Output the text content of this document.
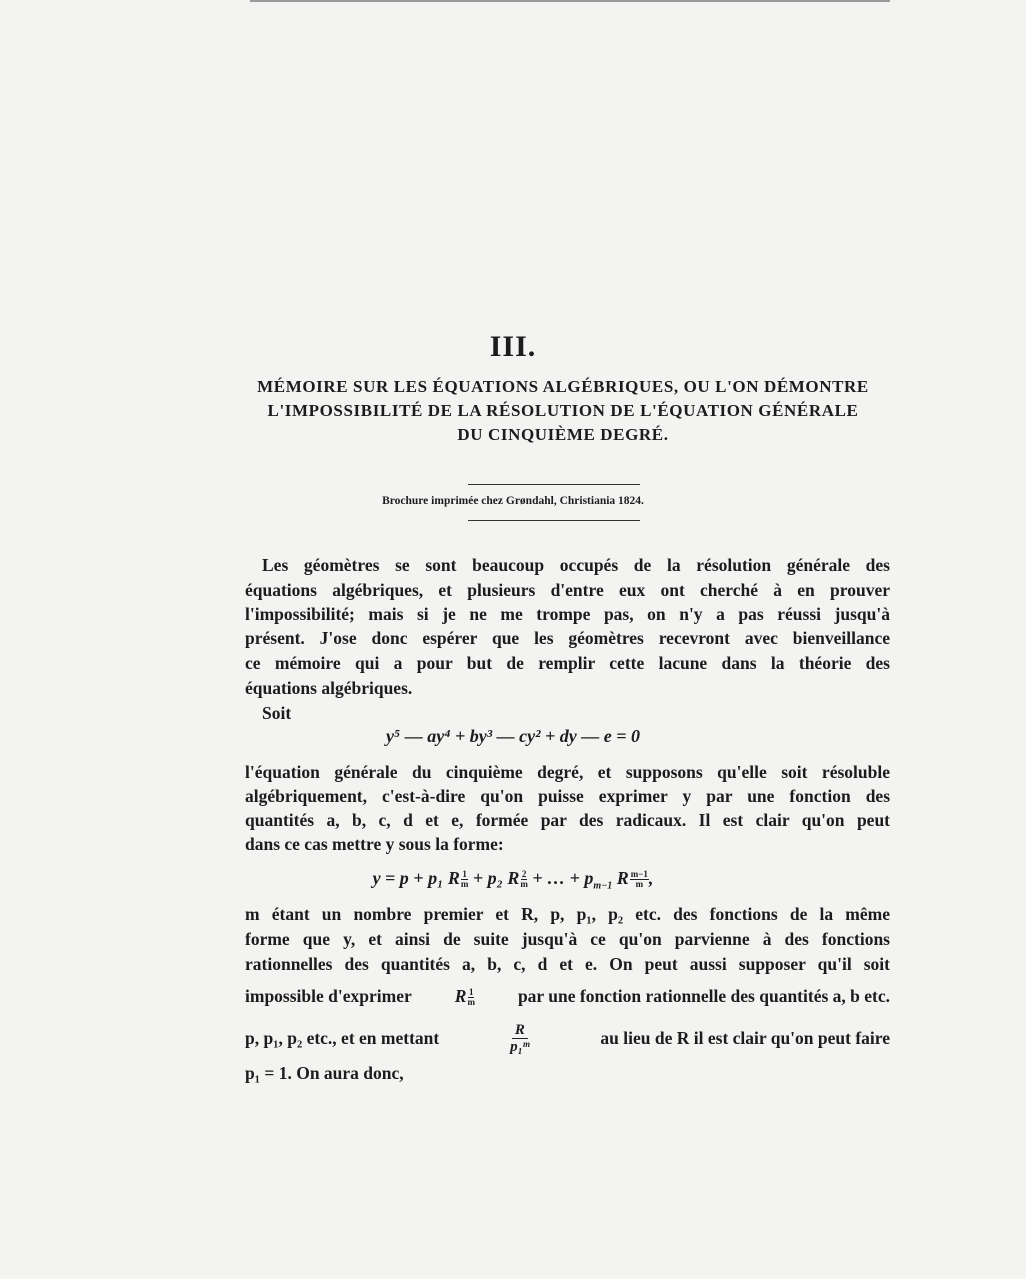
III.
MÉMOIRE SUR LES ÉQUATIONS ALGÉBRIQUES, OU L'ON DÉMONTRE
L'IMPOSSIBILITÉ DE LA RÉSOLUTION DE L'ÉQUATION GÉNÉRALE
DU CINQUIÈME DEGRÉ.
Brochure imprimée chez Grøndahl, Christiania 1824.
Les géomètres se sont beaucoup occupés de la résolution générale des
équations algébriques, et plusieurs d'entre eux ont cherché à en prouver
l'impossibilité; mais si je ne me trompe pas, on n'y a pas réussi jusqu'à
présent. J'ose donc espérer que les géomètres recevront avec bienveillance
ce mémoire qui a pour but de remplir cette lacune dans la théorie des
équations algébriques.
Soit
y⁵ — ay⁴ + by³ — cy² + dy — e = 0
l'équation générale du cinquième degré, et supposons qu'elle soit résoluble
algébriquement, c'est-à-dire qu'on puisse exprimer y par une fonction des
quantités a, b, c, d et e, formée par des radicaux. Il est clair qu'on peut
dans ce cas mettre y sous la forme:
y = p + p₁ R $\frac{1}{m} + p_2$ R $\frac{2}{m}$ + … + $p_{m-1}$ R $\frac{m-1}{m}$ ,
m étant un nombre premier et R, p, p₁, p₂ etc. des fonctions de la même
forme que y, et ainsi de suite jusqu'à ce qu'on parvienne à des fonctions
rationnelles des quantités a, b, c, d et e. On peut aussi supposer qu'il soit
impossible d'exprimer R $\frac{1}{m}$ par une fonction rationnelle des quantités a, b etc.
p, p₁, p₂ etc., et en mettant	$\frac{R}{\text{p₁ᵐ}}$	au lieu de R il est clair qu'on peut faire
p₁ = 1. On aura donc,
